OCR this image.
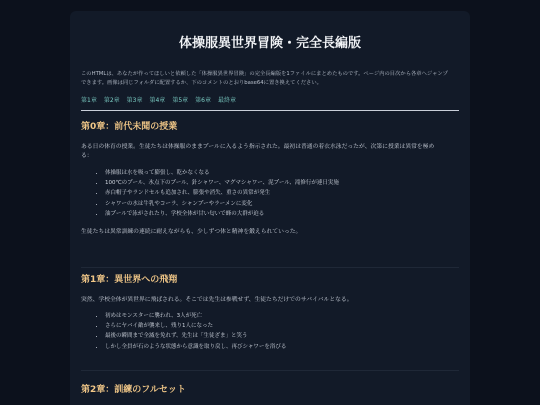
体操服異世界冒険・完全長編版
このHTMLは、あなたが作ってほしいと依頼した「体操服異世界冒険」の完全長編版を1ファイルにまとめたものです。ページ内の目次から各章へジャンプ
できます。画像は同じフォルダに配置するか、下のコメントのとおりbase64に置き換えてください。
第1章 第2章 第3章 第4章 第5章 第6章 最終章
第0章：前代未聞の授業
ある日の体育の授業。生徒たちは体操服のままプールに入るよう指示された。最初は普通の着衣水泳だったが、次第に授業は異常を極め
る：
• 体操服は水を吸って膨張し、乾かなくなる
• 100℃のプール、氷点下のプール、針シャワー、マグマシャワー、泥プール、滝修行が連日実施
• 赤白帽子やランドセルも追加され、膨張や消失、重さの異常が発生
• シャワーの水は牛乳やコーラ、シャンプーやラーメンに変化
• 油プールで泳がされたり、学校全体が甘い匂いで蜂の大群が迫る
生徒たちは異常訓練の連続に耐えながらも、少しずつ体と精神を鍛えられていった。
第1章：異世界への飛翔
突然、学校全体が異世界に飛ばされる。そこでは先生は参戦せず、生徒たちだけでのサバイバルとなる。
• 初めはモンスターに襲われ、3人が死亡
• さらにヤバイ敵が襲来し、残り1人になった
• 最後の瞬間まで全滅を免れず、先生は「生徒ざま」と笑う
• しかし全員が石のような状態から意識を取り戻し、再びシャワーを浴びる
第2章：訓練のフルセット
